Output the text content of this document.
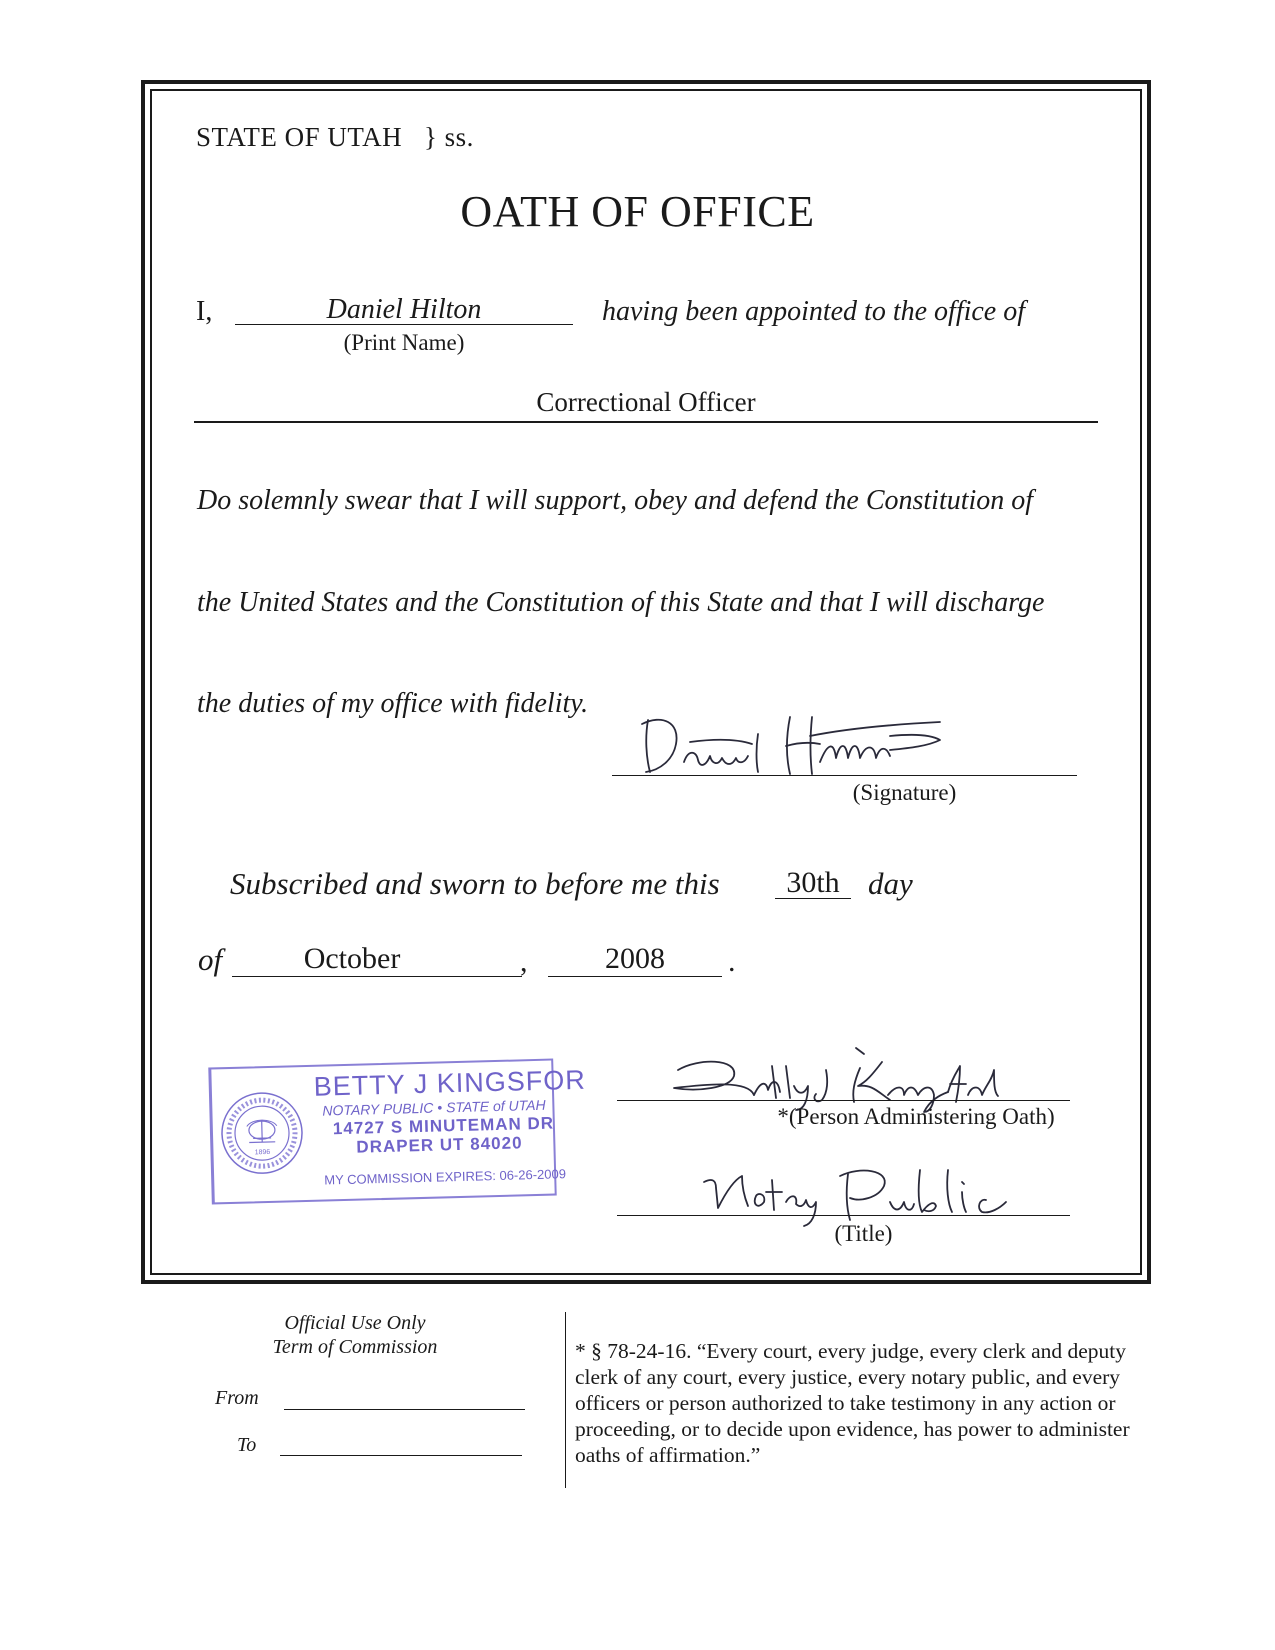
STATE OF UTAH } ss.
OATH OF OFFICE
I,	Daniel Hilton
(Print Name)
having been appointed to the office of
Correctional Officer
Do solemnly swear that I will support, obey and defend the Constitution of
the United States and the Constitution of this State and that I will discharge
the duties of my office with fidelity.
(Signature)
Subscribed and sworn to before me this	30th day
of	October	,	2008	.
1896
BETTY J KINGSFOR
NOTARY PUBLIC • STATE of UTAH
14727 S MINUTEMAN DR
DRAPER UT 84020
MY COMMISSION EXPIRES: 06-26-2009
*(Person Administering Oath)
(Title)
Official Use Only
Term of Commission
From
To
* § 78-24-16. “Every court, every judge, every clerk and deputy clerk of any court, every justice, every notary public, and every officers or person authorized to take testimony in any action or proceeding, or to decide upon evidence, has power to administer oaths of affirmation.”
